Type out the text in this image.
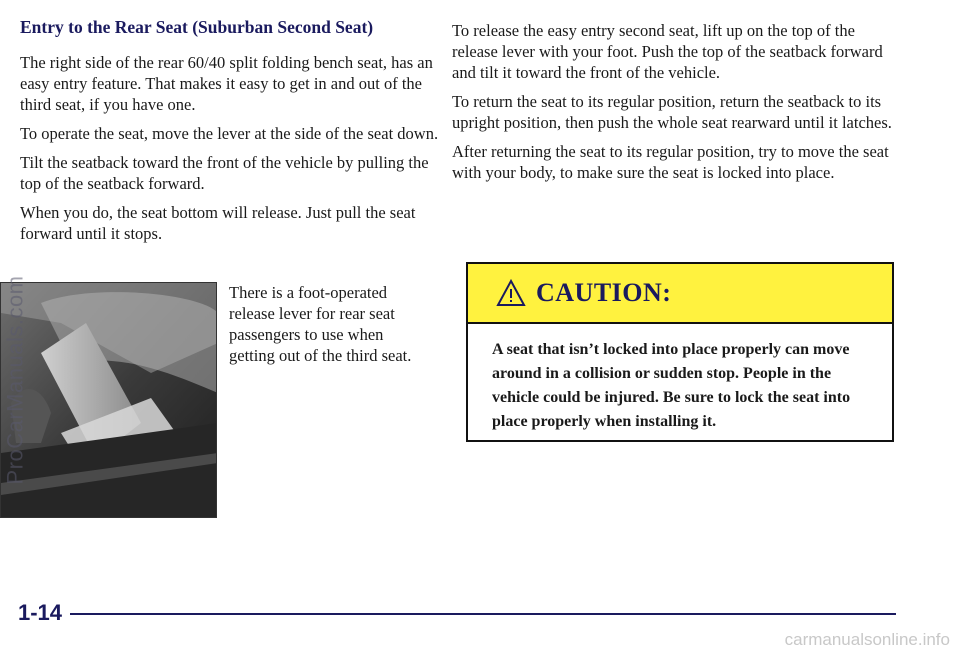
Entry to the Rear Seat (Suburban Second Seat)

The right side of the rear 60/40 split folding bench seat, has an easy entry feature. That makes it easy to get in and out of the third seat, if you have one.

To operate the seat, move the lever at the side of the seat down.

Tilt the seatback toward the front of the vehicle by pulling the top of the seatback forward.

When you do, the seat bottom will release. Just pull the seat forward until it stops.

There is a foot-operated release lever for rear seat passengers to use when getting out of the third seat.

To release the easy entry second seat, lift up on the top of the release lever with your foot. Push the top of the seatback forward and tilt it toward the front of the vehicle.

To return the seat to its regular position, return the seatback to its upright position, then push the whole seat rearward until it latches.

After returning the seat to its regular position, try to move the seat with your body, to make sure the seat is locked into place.

CAUTION:
A seat that isn’t locked into place properly can move around in a collision or sudden stop. People in the vehicle could be injured. Be sure to lock the seat into place properly when installing it.
1-14
ProCarManuals.com
carmanualsonline.info
